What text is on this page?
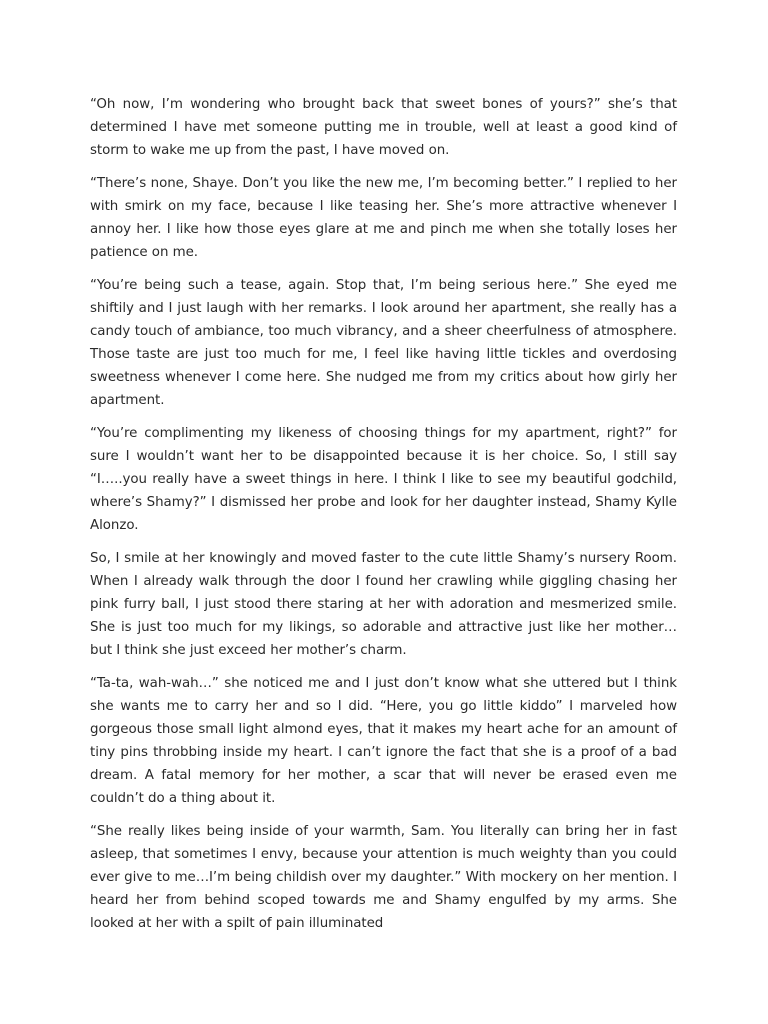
“Oh now, I’m wondering who brought back that sweet bones of yours?” she’s that determined I have met someone putting me in trouble, well at least a good kind of storm to wake me up from the past, I have moved on.

“There’s none, Shaye. Don’t you like the new me, I’m becoming better.” I replied to her with smirk on my face, because I like teasing her. She’s more attractive whenever I annoy her. I like how those eyes glare at me and pinch me when she totally loses her patience on me.

“You’re being such a tease, again. Stop that, I’m being serious here.” She eyed me shiftily and I just laugh with her remarks. I look around her apartment, she really has a candy touch of ambiance, too much vibrancy, and a sheer cheerfulness of atmosphere. Those taste are just too much for me, I feel like having little tickles and overdosing sweetness whenever I come here. She nudged me from my critics about how girly her apartment.

“You’re complimenting my likeness of choosing things for my apartment, right?” for sure I wouldn’t want her to be disappointed because it is her choice. So, I still say “I…..you really have a sweet things in here. I think I like to see my beautiful godchild, where’s Shamy?” I dismissed her probe and look for her daughter instead, Shamy Kylle Alonzo.

So, I smile at her knowingly and moved faster to the cute little Shamy’s nursery Room. When I already walk through the door I found her crawling while giggling chasing her pink furry ball, I just stood there staring at her with adoration and mesmerized smile. She is just too much for my likings, so adorable and attractive just like her mother… but I think she just exceed her mother’s charm.

“Ta-ta, wah-wah…” she noticed me and I just don’t know what she uttered but I think she wants me to carry her and so I did. “Here, you go little kiddo” I marveled how gorgeous those small light almond eyes, that it makes my heart ache for an amount of tiny pins throbbing inside my heart. I can’t ignore the fact that she is a proof of a bad dream. A fatal memory for her mother, a scar that will never be erased even me couldn’t do a thing about it.

“She really likes being inside of your warmth, Sam. You literally can bring her in fast asleep, that sometimes I envy, because your attention is much weighty than you could ever give to me…I’m being childish over my daughter.” With mockery on her mention. I heard her from behind scoped towards me and Shamy engulfed by my arms. She looked at her with a spilt of pain illuminated
